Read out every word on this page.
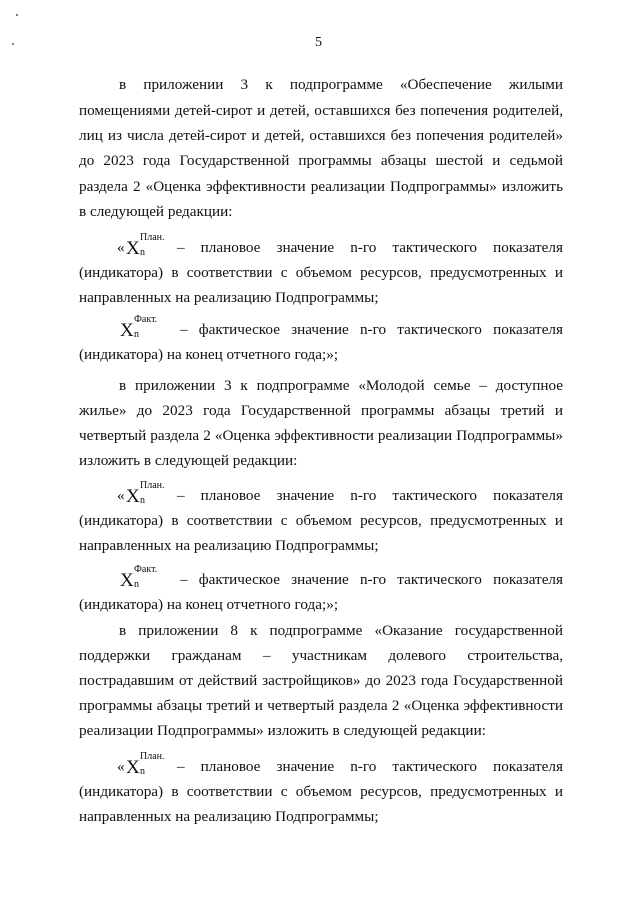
5
в приложении 3 к подпрограмме «Обеспечение жилыми
помещениями детей-сирот и детей, оставшихся без попечения родителей,
лиц из числа детей-сирот и детей, оставшихся без попечения родителей»
до 2023 года Государственной программы абзацы шестой и седьмой
раздела 2 «Оценка эффективности реализации Подпрограммы» изложить
в следующей редакции:
« X
План.
n – плановое значение n-го тактического показателя
(индикатора) в соответствии с объемом ресурсов, предусмотренных и
направленных на реализацию Подпрограммы;
X
Факт.
n	– фактическое значение n-го тактического показателя
(индикатора) на конец отчетного года;»;
в приложении 3 к подпрограмме «Молодой семье – доступное
жилье» до 2023 года Государственной программы абзацы третий и
четвертый раздела 2 «Оценка эффективности реализации Подпрограммы»
изложить в следующей редакции:
« X
План.
n – плановое значение n-го тактического показателя
(индикатора) в соответствии с объемом ресурсов, предусмотренных и
направленных на реализацию Подпрограммы;
X
Факт.
n	– фактическое значение n-го тактического показателя
(индикатора) на конец отчетного года;»;
в приложении 8 к подпрограмме «Оказание государственной
поддержки гражданам – участникам долевого строительства,
пострадавшим от действий застройщиков» до 2023 года Государственной
программы абзацы третий и четвертый раздела 2 «Оценка эффективности
реализации Подпрограммы» изложить в следующей редакции:
« X
План.
n – плановое значение n-го тактического показателя
(индикатора) в соответствии с объемом ресурсов, предусмотренных и
направленных на реализацию Подпрограммы;
